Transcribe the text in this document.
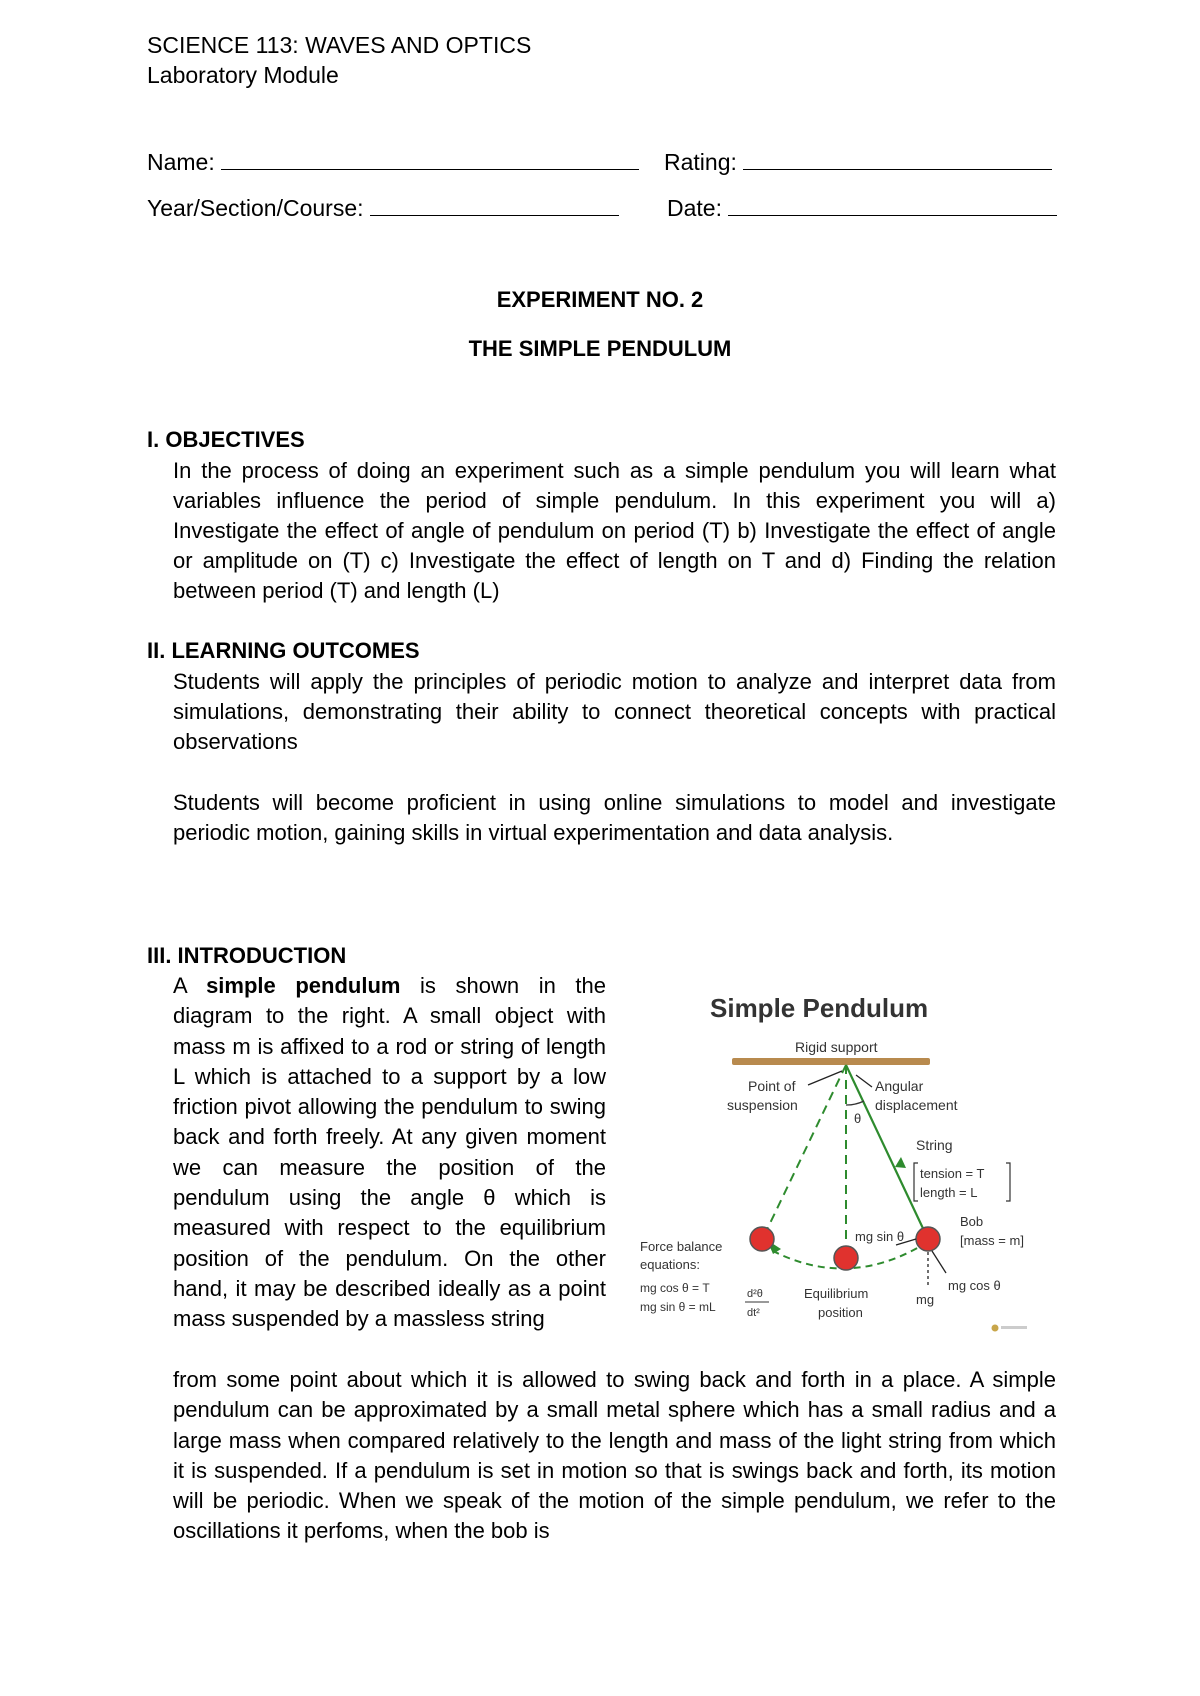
SCIENCE 113: WAVES AND OPTICS
Laboratory Module
Name:	Rating:
Year/Section/Course:	Date:
EXPERIMENT NO. 2
THE SIMPLE PENDULUM
I. OBJECTIVES

In the process of doing an experiment such as a simple pendulum you will learn what variables influence the period of simple pendulum. In this experiment you will a) Investigate the effect of angle of pendulum on period (T) b) Investigate the effect of angle or amplitude on (T) c) Investigate the effect of length on T and d) Finding the relation between period (T) and length (L)

II. LEARNING OUTCOMES

Students will apply the principles of periodic motion to analyze and interpret data from simulations, demonstrating their ability to connect theoretical concepts with practical observations

Students will become proficient in using online simulations to model and investigate periodic motion, gaining skills in virtual experimentation and data analysis.

III. INTRODUCTION

A simple pendulum is shown in the diagram to the right. A small object with mass m is affixed to a rod or string of length L which is attached to a support by a low friction pivot allowing the pendulum to swing back and forth freely. At any given moment we can measure the position of the pendulum using the angle θ which is measured with respect to the equilibrium position of the pendulum. On the other hand, it may be described ideally as a point mass suspended by a massless string

from some point about which it is allowed to swing back and forth in a place. A simple pendulum can be approximated by a small metal sphere which has a small radius and a large mass when compared relatively to the length and mass of the light string from which it is suspended. If a pendulum is set in motion so that is swings back and forth, its motion will be periodic. When we speak of the motion of the simple pendulum, we refer to the oscillations it perfoms, when the bob is

Simple Pendulum
Rigid support
θ
Point of
suspension
Angular
displacement
String
tension = T
length = L
mg sin θ
mg
mg cos θ
Bob
[mass = m]
Force balance
equations:
mg cos θ = T
mg sin θ = mL
d²θ
dt²
Equilibrium
position
